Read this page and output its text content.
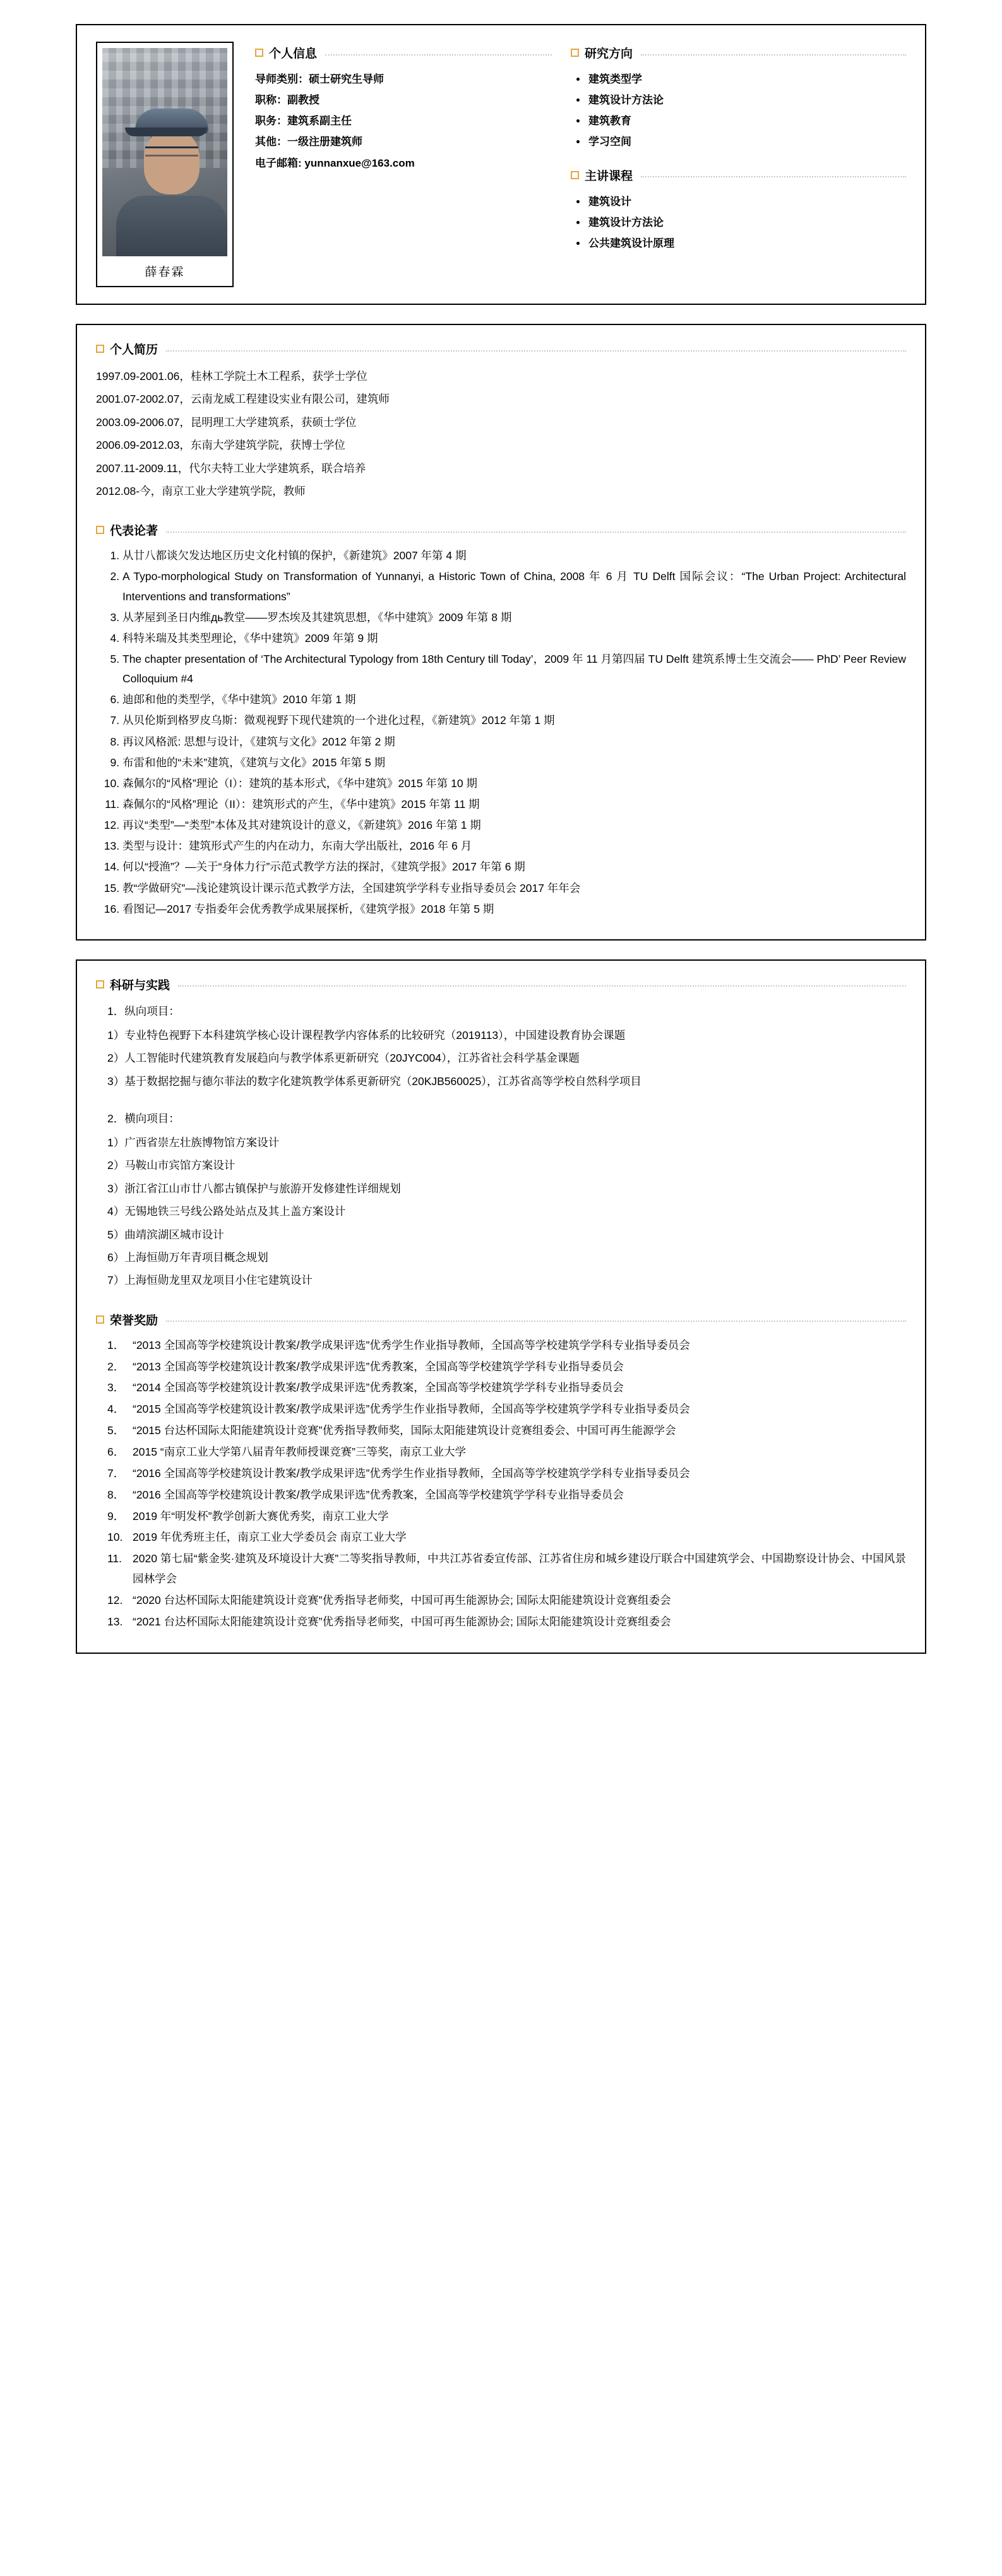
薛春霖
个人信息
导师类别：硕士研究生导师
职称：副教授
职务：建筑系副主任
其他：一级注册建筑师
电子邮箱: yunnanxue@163.com
研究方向
• 建筑类型学
• 建筑设计方法论
• 建筑教育
• 学习空间
主讲课程
• 建筑设计
• 建筑设计方法论
• 公共建筑设计原理
个人简历
1997.09-2001.06，桂林工学院土木工程系，获学士学位
2001.07-2002.07，云南龙威工程建设实业有限公司，建筑师
2003.09-2006.07，昆明理工大学建筑系，获硕士学位
2006.09-2012.03，东南大学建筑学院，获博士学位
2007.11-2009.11，代尔夫特工业大学建筑系，联合培养
2012.08-今，南京工业大学建筑学院，教师
代表论著
1. 从廿八都谈欠发达地区历史文化村镇的保护，《新建筑》2007 年第 4 期
2. A Typo-morphological Study on Transformation of Yunnanyi, a Historic Town of China, 2008 年 6 月 TU Delft 国际会议：“The Urban Project: Architectural Interventions and transformations”
3. 从茅屋到圣日内维дь教堂——罗杰埃及其建筑思想，《华中建筑》2009 年第 8 期
4. 科特米瑞及其类型理论，《华中建筑》2009 年第 9 期
5. The chapter presentation of ‘The Architectural Typology from 18th Century till Today’，2009 年 11 月第四届 TU Delft 建筑系博士生交流会—— PhD’ Peer Review Colloquium #4
6. 迪郎和他的类型学，《华中建筑》2010 年第 1 期
7. 从贝伦斯到格罗皮乌斯：微观视野下现代建筑的一个进化过程，《新建筑》2012 年第 1 期
8. 再议风格派: 思想与设计，《建筑与文化》2012 年第 2 期
9. 布雷和他的“未来”建筑，《建筑与文化》2015 年第 5 期
10. 森佩尔的“风格”理论（I）：建筑的基本形式，《华中建筑》2015 年第 10 期
11. 森佩尔的“风格”理论（II）：建筑形式的产生，《华中建筑》2015 年第 11 期
12. 再议“类型”—“类型”本体及其对建筑设计的意义，《新建筑》2016 年第 1 期
13. 类型与设计：建筑形式产生的内在动力，东南大学出版社，2016 年 6 月
14. 何以“授渔”？—关于“身体力行”示范式教学方法的探討，《建筑学报》2017 年第 6 期
15. 教“学做研究”—浅论建筑设计课示范式教学方法，全国建筑学学科专业指导委员会 2017 年年会
16. 看图记—2017 专指委年会优秀教学成果展探析，《建筑学报》2018 年第 5 期
科研与实践
1．纵向项目：
1）专业特色视野下本科建筑学核心设计课程教学内容体系的比较研究（2019113），中国建设教育协会课题
2）人工智能时代建筑教育发展趋向与教学体系更新研究（20JYC004），江苏省社会科学基金课题
3）基于数据挖掘与德尔菲法的数字化建筑教学体系更新研究（20KJB560025），江苏省高等学校自然科学项目
2．横向项目：
1）广西省崇左壮族博物馆方案设计
2）马鞍山市宾馆方案设计
3）浙江省江山市廿八都古镇保护与旅游开发修建性详细规划
4）无锡地铁三号线公路处站点及其上盖方案设计
5）曲靖滨湖区城市设计
6）上海恒勋万年青项目概念规划
7）上海恒勋龙里双龙项目小住宅建筑设计
荣誉奖励
1． “2013 全国高等学校建筑设计教案/教学成果评选”优秀学生作业指导教师，全国高等学校建筑学学科专业指导委员会
2． “2013 全国高等学校建筑设计教案/教学成果评选”优秀教案，全国高等学校建筑学学科专业指导委员会
3． “2014 全国高等学校建筑设计教案/教学成果评选”优秀教案，全国高等学校建筑学学科专业指导委员会
4． “2015 全国高等学校建筑设计教案/教学成果评选”优秀学生作业指导教师，全国高等学校建筑学学科专业指导委员会
5． “2015 台达杯国际太阳能建筑设计竞赛”优秀指导教师奖，国际太阳能建筑设计竞赛组委会、中国可再生能源学会
6． 2015 “南京工业大学第八届青年教师授课竞赛”三等奖，南京工业大学
7． “2016 全国高等学校建筑设计教案/教学成果评选”优秀学生作业指导教师，全国高等学校建筑学学科专业指导委员会
8． “2016 全国高等学校建筑设计教案/教学成果评选”优秀教案，全国高等学校建筑学学科专业指导委员会
9． 2019 年“明发杯”教学创新大赛优秀奖，南京工业大学
10. 2019 年优秀班主任，南京工业大学委员会 南京工业大学
11. 2020 第七届“紫金奖·建筑及环境设计大赛”二等奖指导教师，中共江苏省委宣传部、江苏省住房和城乡建设厅联合中国建筑学会、中国勘察设计协会、中国风景园林学会
12. “2020 台达杯国际太阳能建筑设计竞赛”优秀指导老师奖，中国可再生能源协会; 国际太阳能建筑设计竞赛组委会
13. “2021 台达杯国际太阳能建筑设计竞赛”优秀指导老师奖，中国可再生能源协会; 国际太阳能建筑设计竞赛组委会
